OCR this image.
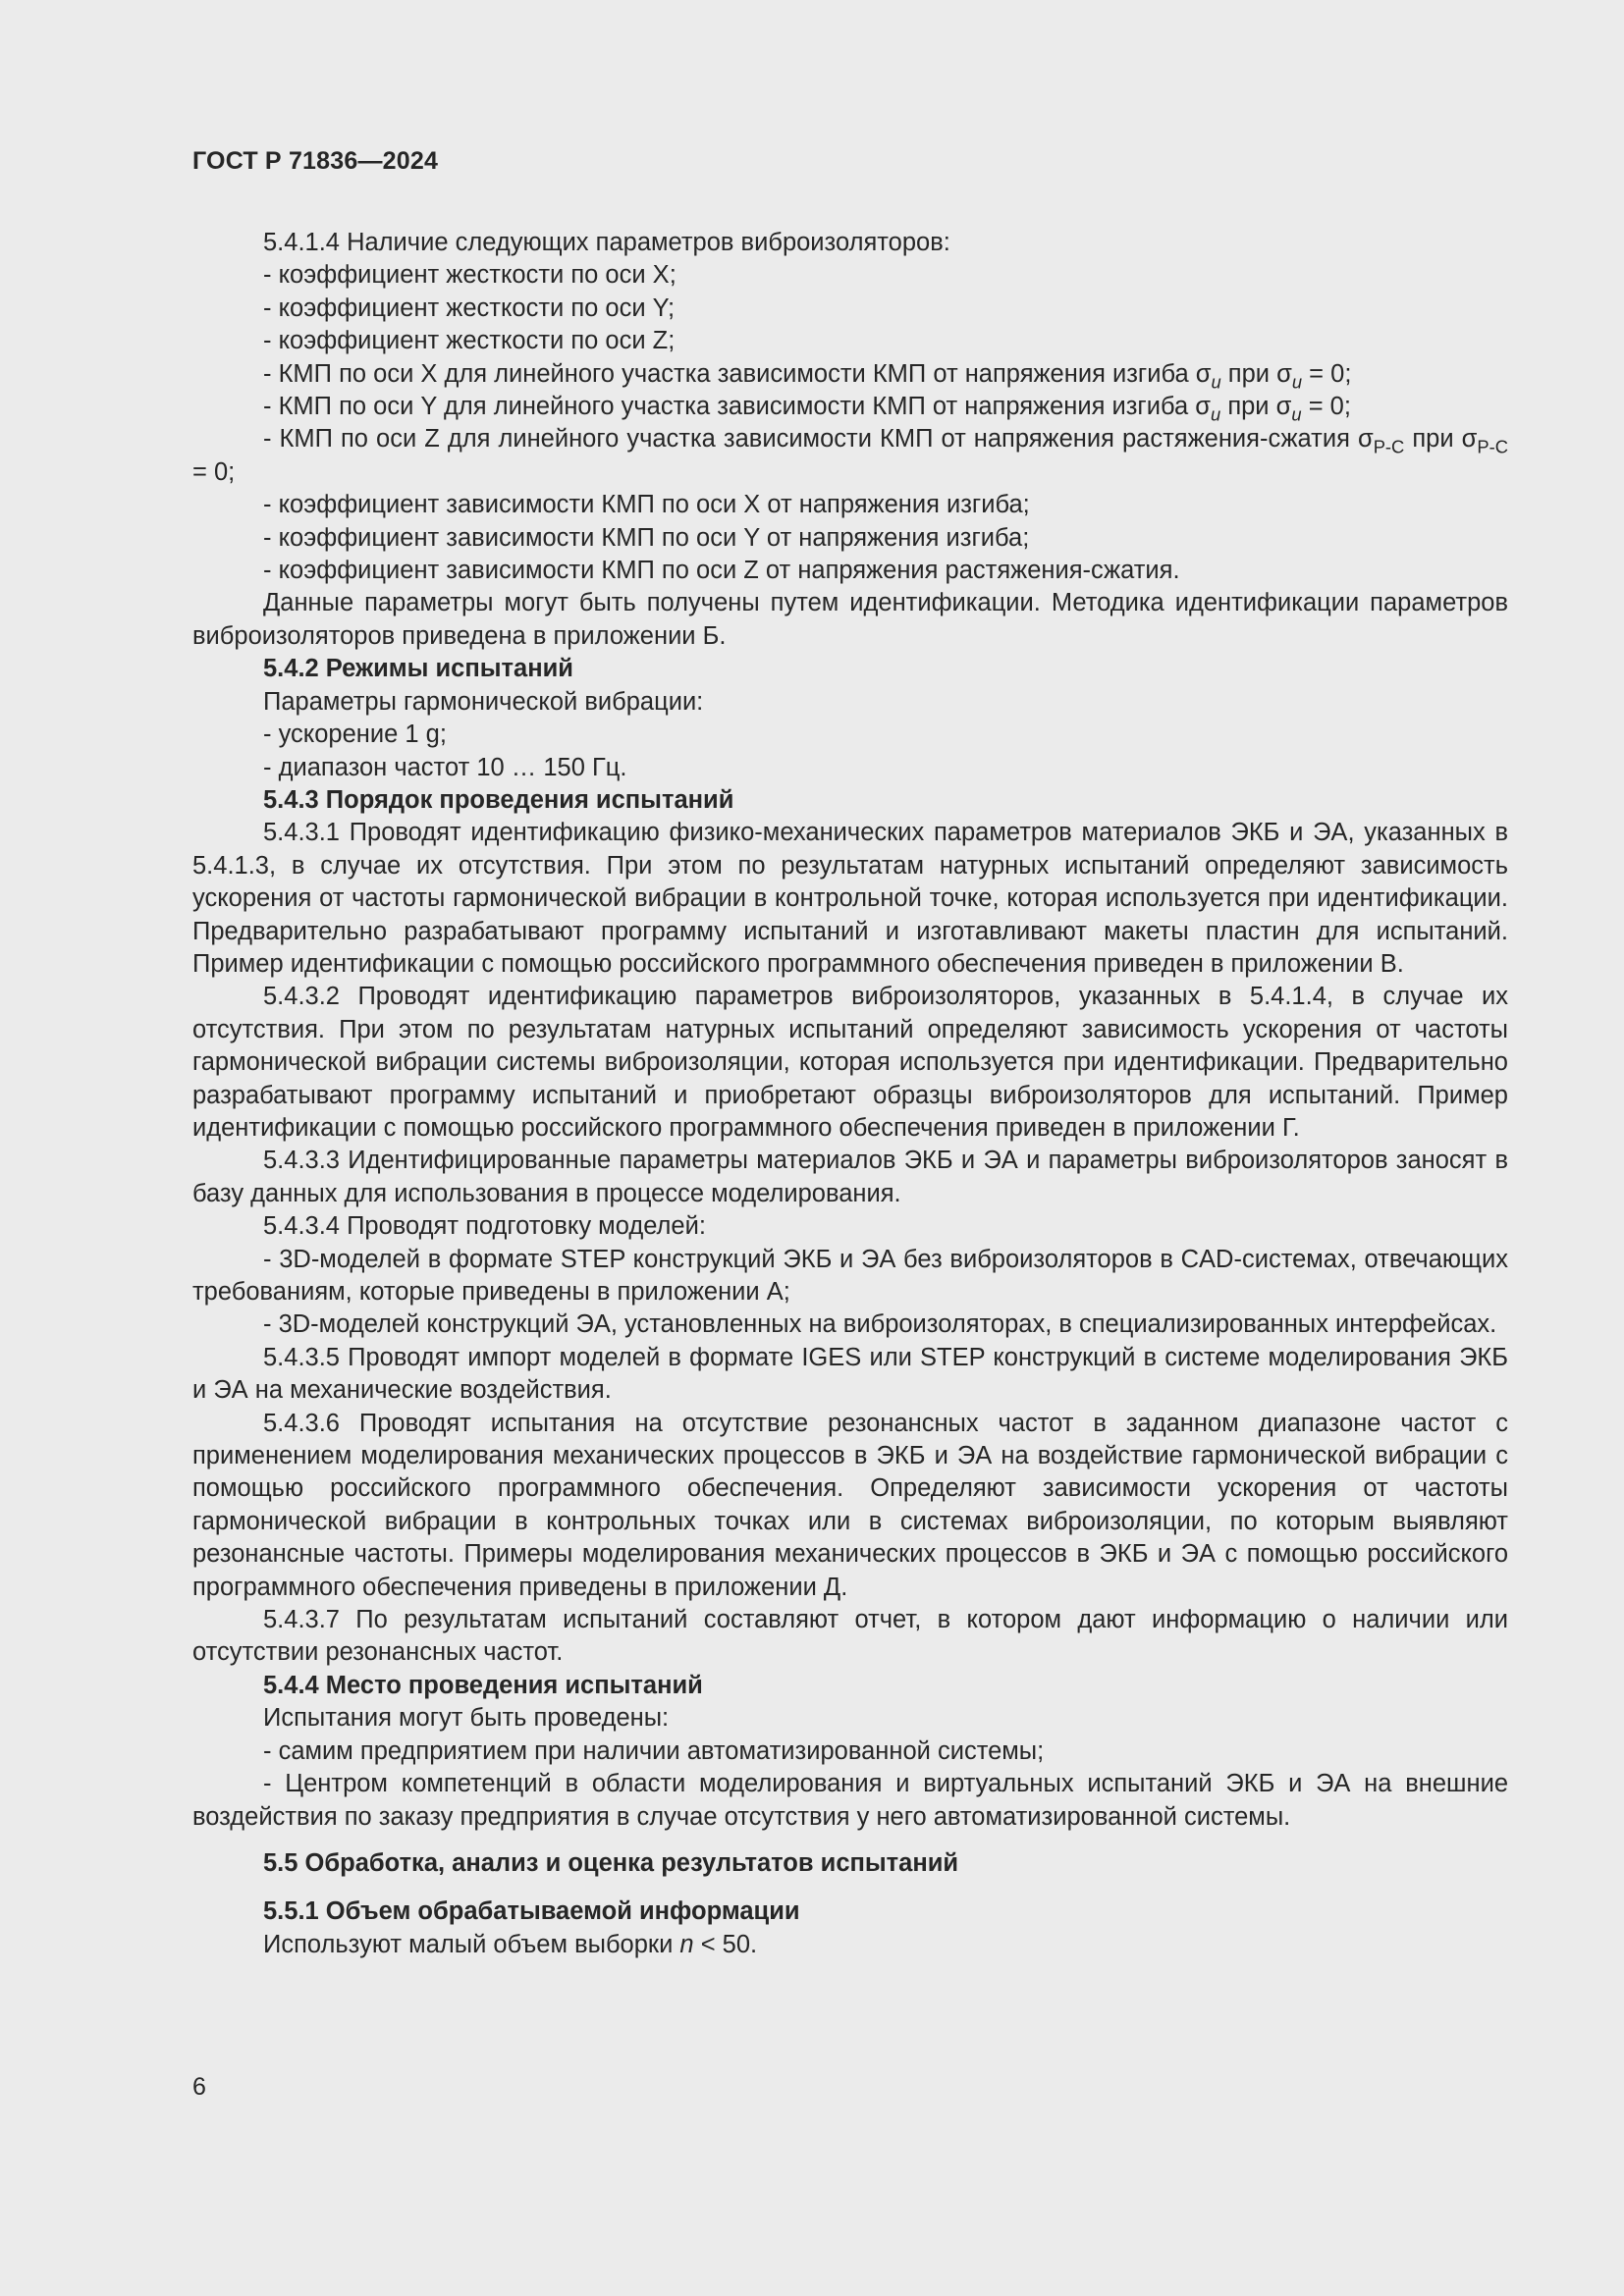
ГОСТ Р 71836—2024

5.4.1.4 Наличие следующих параметров виброизоляторов:

- коэффициент жесткости по оси X;

- коэффициент жесткости по оси Y;

- коэффициент жесткости по оси Z;

- КМП по оси X для линейного участка зависимости КМП от напряжения изгиба $\sigma_u$ при $\sigma_u = 0$;

- КМП по оси Y для линейного участка зависимости КМП от напряжения изгиба $\sigma_u$ при $\sigma_u = 0$;

- КМП по оси Z для линейного участка зависимости КМП от напряжения растяжения-сжатия $\sigma_{P-C}$ при $\sigma_{P-C} = 0$;

- коэффициент зависимости КМП по оси X от напряжения изгиба;

- коэффициент зависимости КМП по оси Y от напряжения изгиба;

- коэффициент зависимости КМП по оси Z от напряжения растяжения-сжатия.

Данные параметры могут быть получены путем идентификации. Методика идентификации параметров виброизоляторов приведена в приложении Б.

5.4.2 Режимы испытаний

Параметры гармонической вибрации:

- ускорение 1 g;

- диапазон частот 10 … 150 Гц.

5.4.3 Порядок проведения испытаний

5.4.3.1 Проводят идентификацию физико-механических параметров материалов ЭКБ и ЭА, указанных в 5.4.1.3, в случае их отсутствия. При этом по результатам натурных испытаний определяют зависимость ускорения от частоты гармонической вибрации в контрольной точке, которая используется при идентификации. Предварительно разрабатывают программу испытаний и изготавливают макеты пластин для испытаний. Пример идентификации с помощью российского программного обеспечения приведен в приложении В.

5.4.3.2 Проводят идентификацию параметров виброизоляторов, указанных в 5.4.1.4, в случае их отсутствия. При этом по результатам натурных испытаний определяют зависимость ускорения от частоты гармонической вибрации системы виброизоляции, которая используется при идентификации. Предварительно разрабатывают программу испытаний и приобретают образцы виброизоляторов для испытаний. Пример идентификации с помощью российского программного обеспечения приведен в приложении Г.

5.4.3.3 Идентифицированные параметры материалов ЭКБ и ЭА и параметры виброизоляторов заносят в базу данных для использования в процессе моделирования.

5.4.3.4 Проводят подготовку моделей:

- 3D-моделей в формате STEP конструкций ЭКБ и ЭА без виброизоляторов в CAD-системах, отвечающих требованиям, которые приведены в приложении А;

- 3D-моделей конструкций ЭА, установленных на виброизоляторах, в специализированных интерфейсах.

5.4.3.5 Проводят импорт моделей в формате IGES или STEP конструкций в системе моделирования ЭКБ и ЭА на механические воздействия.

5.4.3.6 Проводят испытания на отсутствие резонансных частот в заданном диапазоне частот с применением моделирования механических процессов в ЭКБ и ЭА на воздействие гармонической вибрации с помощью российского программного обеспечения. Определяют зависимости ускорения от частоты гармонической вибрации в контрольных точках или в системах виброизоляции, по которым выявляют резонансные частоты. Примеры моделирования механических процессов в ЭКБ и ЭА с помощью российского программного обеспечения приведены в приложении Д.

5.4.3.7 По результатам испытаний составляют отчет, в котором дают информацию о наличии или отсутствии резонансных частот.

5.4.4 Место проведения испытаний

Испытания могут быть проведены:

- самим предприятием при наличии автоматизированной системы;

- Центром компетенций в области моделирования и виртуальных испытаний ЭКБ и ЭА на внешние воздействия по заказу предприятия в случае отсутствия у него автоматизированной системы.

5.5 Обработка, анализ и оценка результатов испытаний

5.5.1 Объем обрабатываемой информации

Используют малый объем выборки n < 50.

6
